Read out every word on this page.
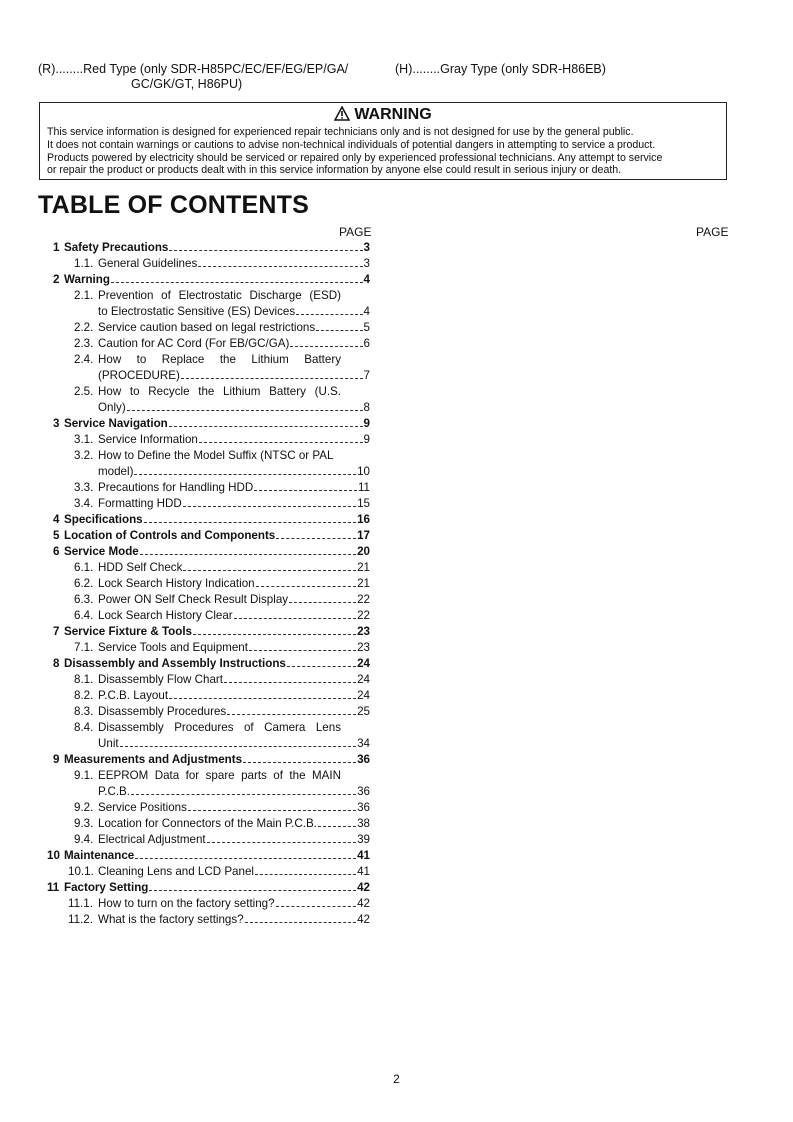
(R)........Red Type (only SDR-H85PC/EC/EF/EG/EP/GA/
GC/GK/GT, H86PU)
(H)........Gray Type (only SDR-H86EB)
WARNING
This service information is designed for experienced repair technicians only and is not designed for use by the general public.
It does not contain warnings or cautions to advise non-technical individuals of potential dangers in attempting to service a product.
Products powered by electricity should be serviced or repaired only by experienced professional technicians. Any attempt to service
or repair the product or products dealt with in this service information by anyone else could result in serious injury or death.
TABLE OF CONTENTS
PAGE	PAGE
1 Safety Precautions	3
1.1. General Guidelines	3
2 Warning	4
2.1. Prevention of Electrostatic Discharge (ESD)
to Electrostatic Sensitive (ES) Devices	4
2.2. Service caution based on legal restrictions	5
2.3. Caution for AC Cord (For EB/GC/GA)	6
2.4. How to Replace the Lithium Battery
(PROCEDURE)	7
2.5. How to Recycle the Lithium Battery (U.S.
Only)	8
3 Service Navigation	9
3.1. Service Information	9
3.2. How to Define the Model Suffix (NTSC or PAL
model)	10
3.3. Precautions for Handling HDD	11
3.4. Formatting HDD	15
4 Specifications	16
5 Location of Controls and Components	17
6 Service Mode	20
6.1. HDD Self Check	21
6.2. Lock Search History Indication	21
6.3. Power ON Self Check Result Display	22
6.4. Lock Search History Clear	22
7 Service Fixture & Tools	23
7.1. Service Tools and Equipment	23
8 Disassembly and Assembly Instructions	24
8.1. Disassembly Flow Chart	24
8.2. P.C.B. Layout	24
8.3. Disassembly Procedures	25
8.4. Disassembly Procedures of Camera Lens
Unit	34
9 Measurements and Adjustments	36
9.1. EEPROM Data for spare parts of the MAIN
P.C.B.	36
9.2. Service Positions	36
9.3. Location for Connectors of the Main P.C.B.	38
9.4. Electrical Adjustment	39
10 Maintenance	41
10.1. Cleaning Lens and LCD Panel	41
11 Factory Setting	42
11.1. How to turn on the factory setting?	42
11.2. What is the factory settings?	42
2
